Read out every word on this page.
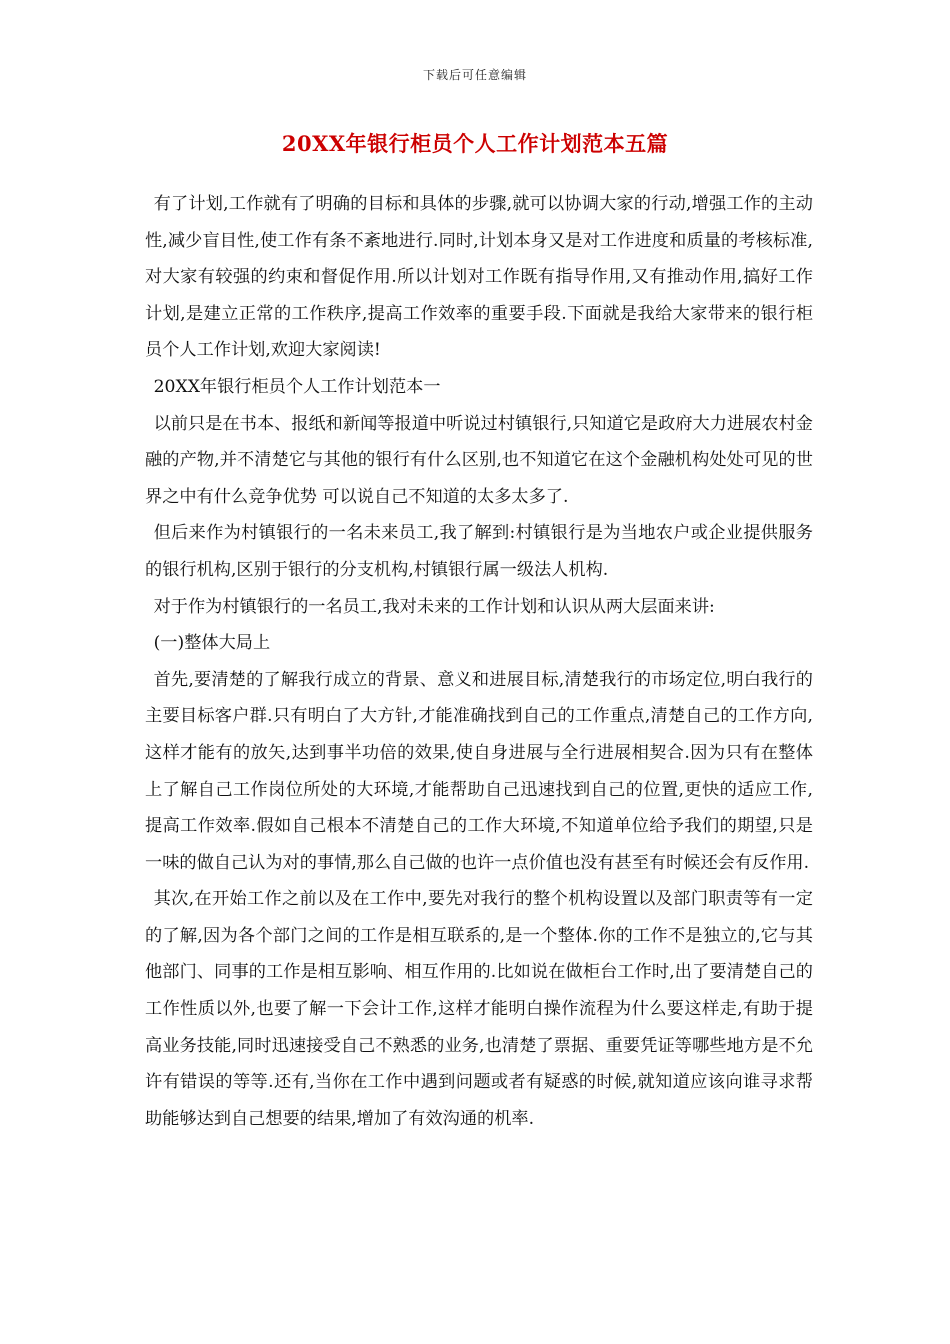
下载后可任意编辑
20XX年银行柜员个人工作计划范本五篇

有了计划,工作就有了明确的目标和具体的步骤,就可以协调大家的行动,增强工作的主动性,减少盲目性,使工作有条不紊地进行.同时,计划本身又是对工作进度和质量的考核标准,对大家有较强的约束和督促作用.所以计划对工作既有指导作用,又有推动作用,搞好工作计划,是建立正常的工作秩序,提高工作效率的重要手段.下面就是我给大家带来的银行柜员个人工作计划,欢迎大家阅读!

20XX年银行柜员个人工作计划范本一

以前只是在书本、报纸和新闻等报道中听说过村镇银行,只知道它是政府大力进展农村金融的产物,并不清楚它与其他的银行有什么区别,也不知道它在这个金融机构处处可见的世界之中有什么竞争优势 可以说自己不知道的太多太多了.

但后来作为村镇银行的一名未来员工,我了解到:村镇银行是为当地农户或企业提供服务的银行机构,区别于银行的分支机构,村镇银行属一级法人机构.

对于作为村镇银行的一名员工,我对未来的工作计划和认识从两大层面来讲:

(一)整体大局上

首先,要清楚的了解我行成立的背景、意义和进展目标,清楚我行的市场定位,明白我行的主要目标客户群.只有明白了大方针,才能准确找到自己的工作重点,清楚自己的工作方向,这样才能有的放矢,达到事半功倍的效果,使自身进展与全行进展相契合.因为只有在整体上了解自己工作岗位所处的大环境,才能帮助自己迅速找到自己的位置,更快的适应工作,提高工作效率.假如自己根本不清楚自己的工作大环境,不知道单位给予我们的期望,只是一味的做自己认为对的事情,那么自己做的也许一点价值也没有甚至有时候还会有反作用.

其次,在开始工作之前以及在工作中,要先对我行的整个机构设置以及部门职责等有一定的了解,因为各个部门之间的工作是相互联系的,是一个整体.你的工作不是独立的,它与其他部门、同事的工作是相互影响、相互作用的.比如说在做柜台工作时,出了要清楚自己的工作性质以外,也要了解一下会计工作,这样才能明白操作流程为什么要这样走,有助于提高业务技能,同时迅速接受自己不熟悉的业务,也清楚了票据、重要凭证等哪些地方是不允许有错误的等等.还有,当你在工作中遇到问题或者有疑惑的时候,就知道应该向谁寻求帮助能够达到自己想要的结果,增加了有效沟通的机率.
